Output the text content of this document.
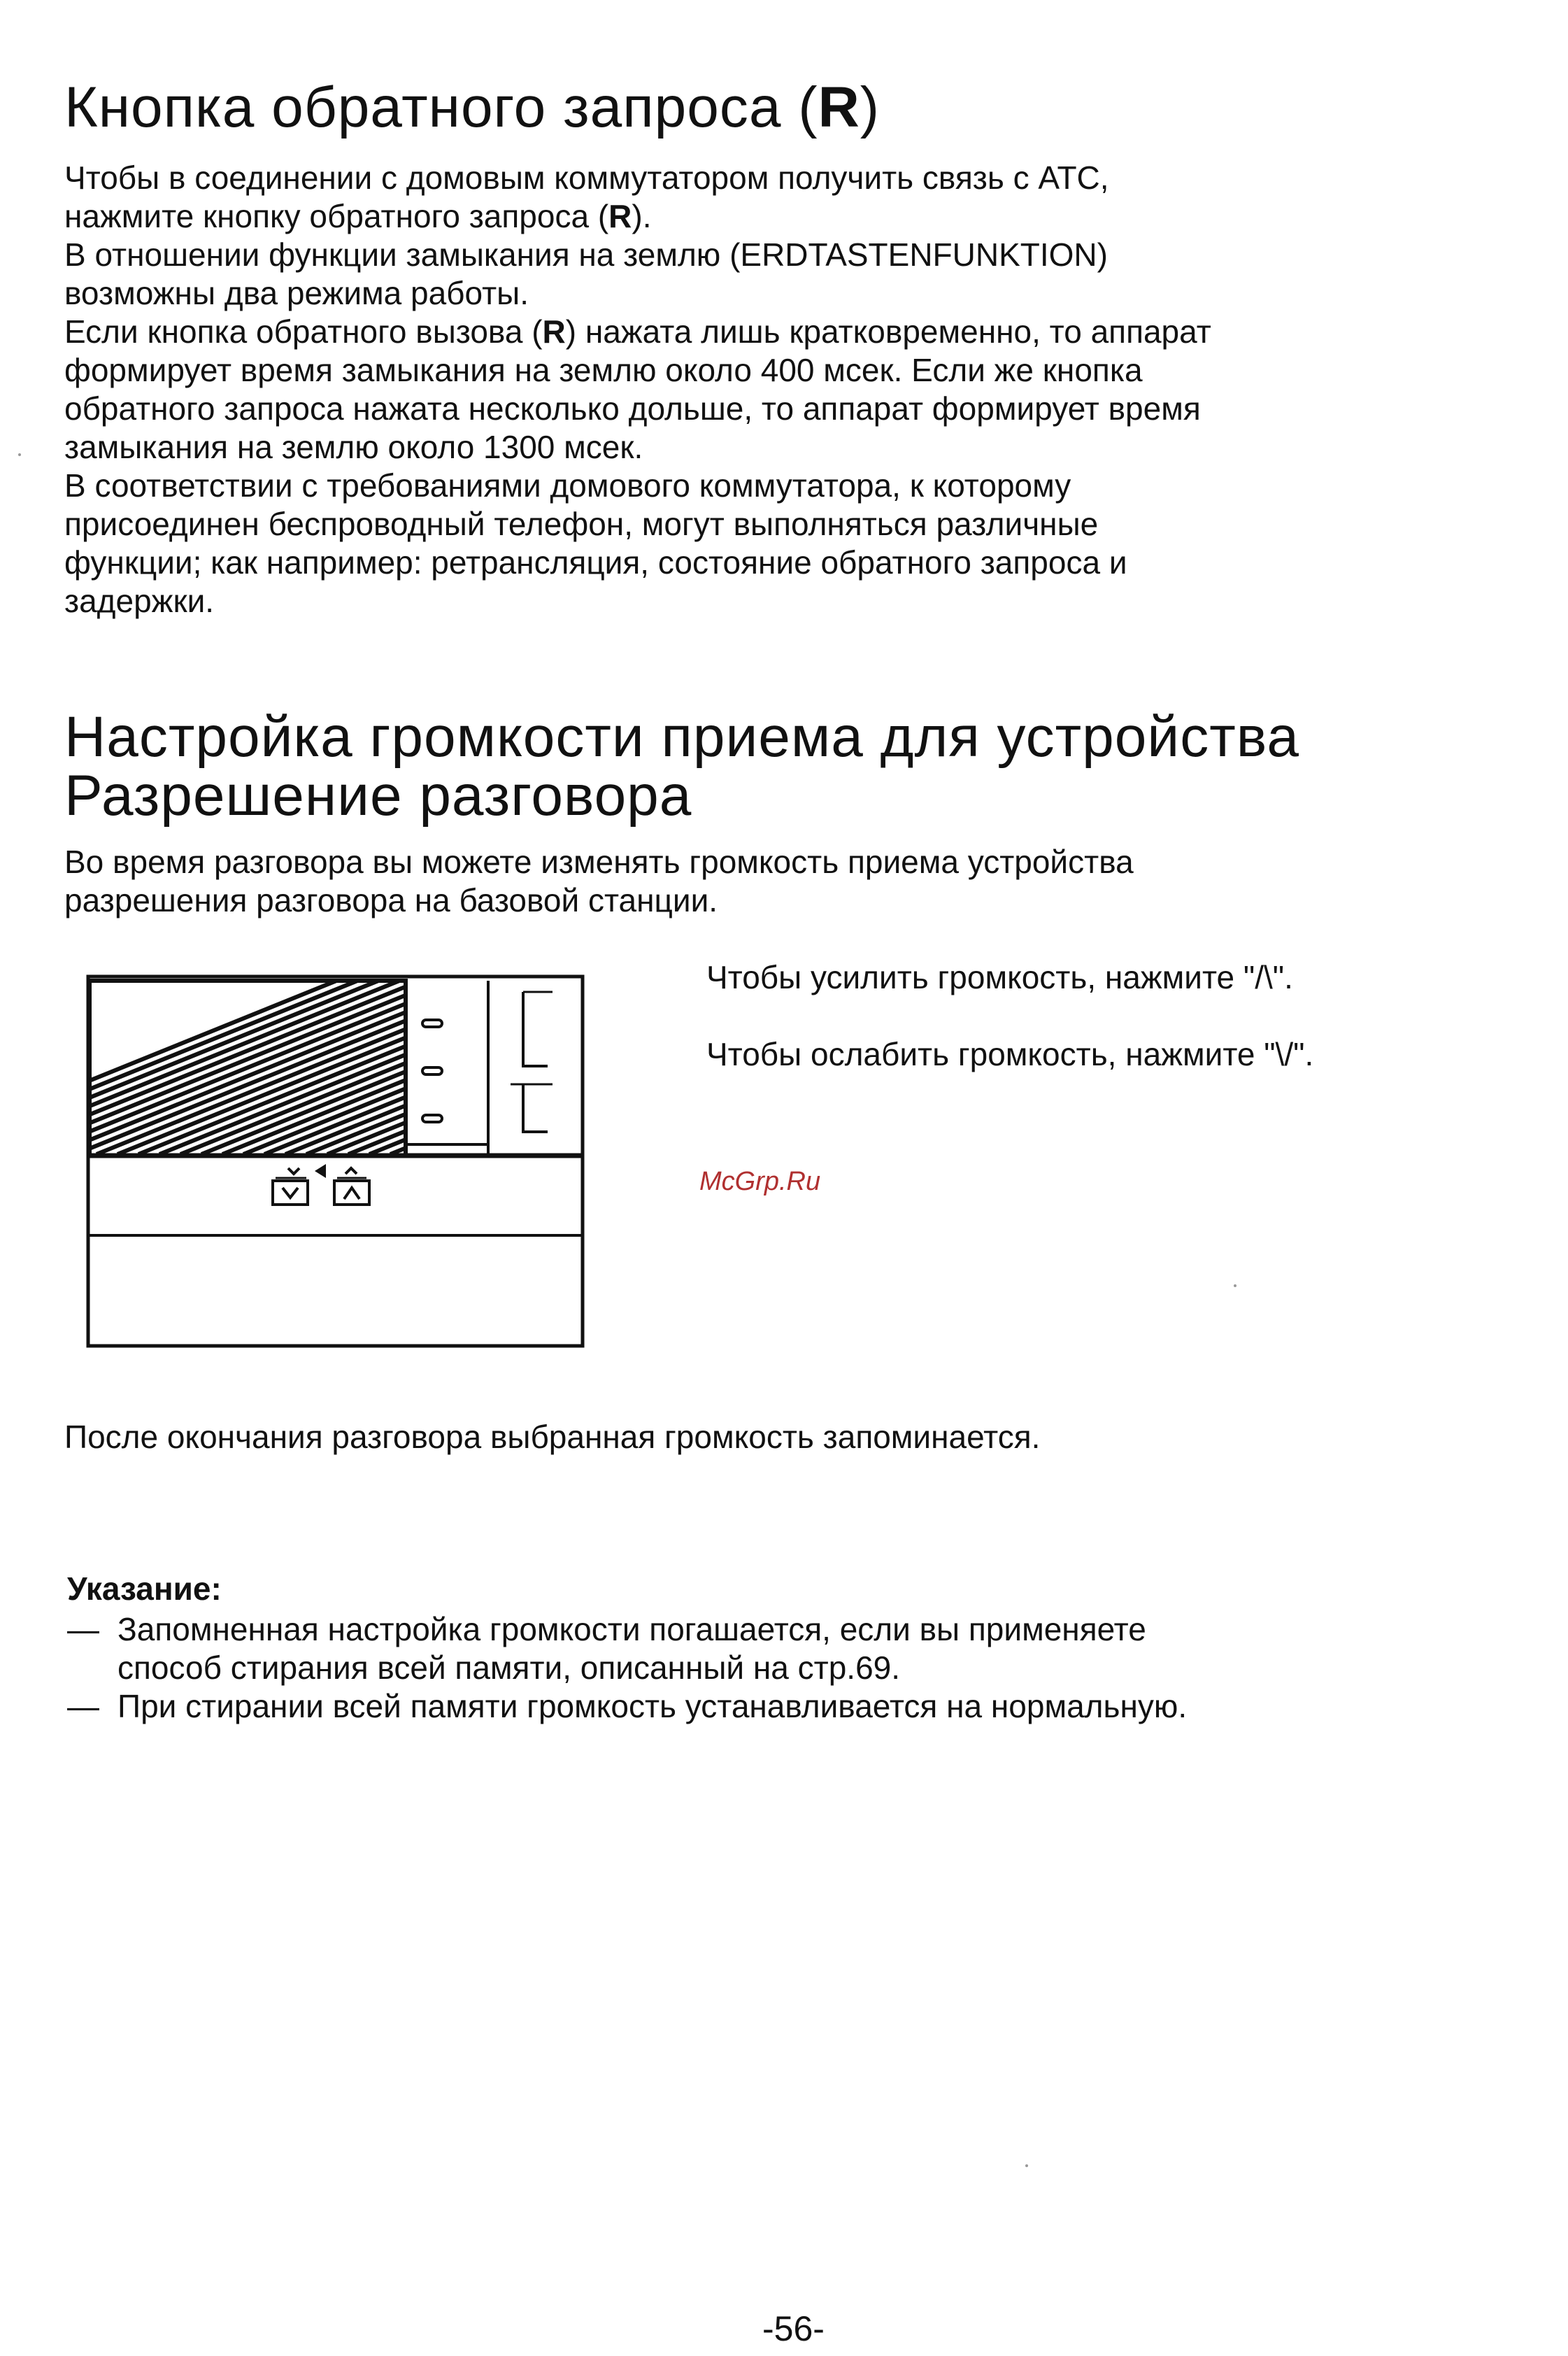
Кнопка обратного запроса (R)
Чтобы в соединении с домовым коммутатором получить связь с АТС,
нажмите кнопку обратного запроса (R).
В отношении функции замыкания на землю (ERDTASTENFUNKTION)
возможны два режима работы.
Если кнопка обратного вызова (R) нажата лишь кратковременно, то аппарат
формирует время замыкания на землю около 400 мсек. Если же кнопка
обратного запроса нажата несколько дольше, то аппарат формирует время
замыкания на землю около 1300 мсек.
В соответствии с требованиями домового коммутатора, к которому
присоединен беспроводный телефон, могут выполняться различные
функции; как например: ретрансляция, состояние обратного запроса и
задержки.
Настройка громкости приема для устройства
Разрешение разговора
Во время разговора вы можете изменять громкость приема устройства
разрешения разговора на базовой станции.
Чтобы усилить громкость, нажмите "/\".
Чтобы ослабить громкость, нажмите "\/".
McGrp.Ru
После окончания разговора выбранная громкость запоминается.
Указание:
— Запомненная настройка громкости погашается, если вы применяете
способ стирания всей памяти, описанный на стр.69.
— При стирании всей памяти громкость устанавливается на нормальную.
-56-
